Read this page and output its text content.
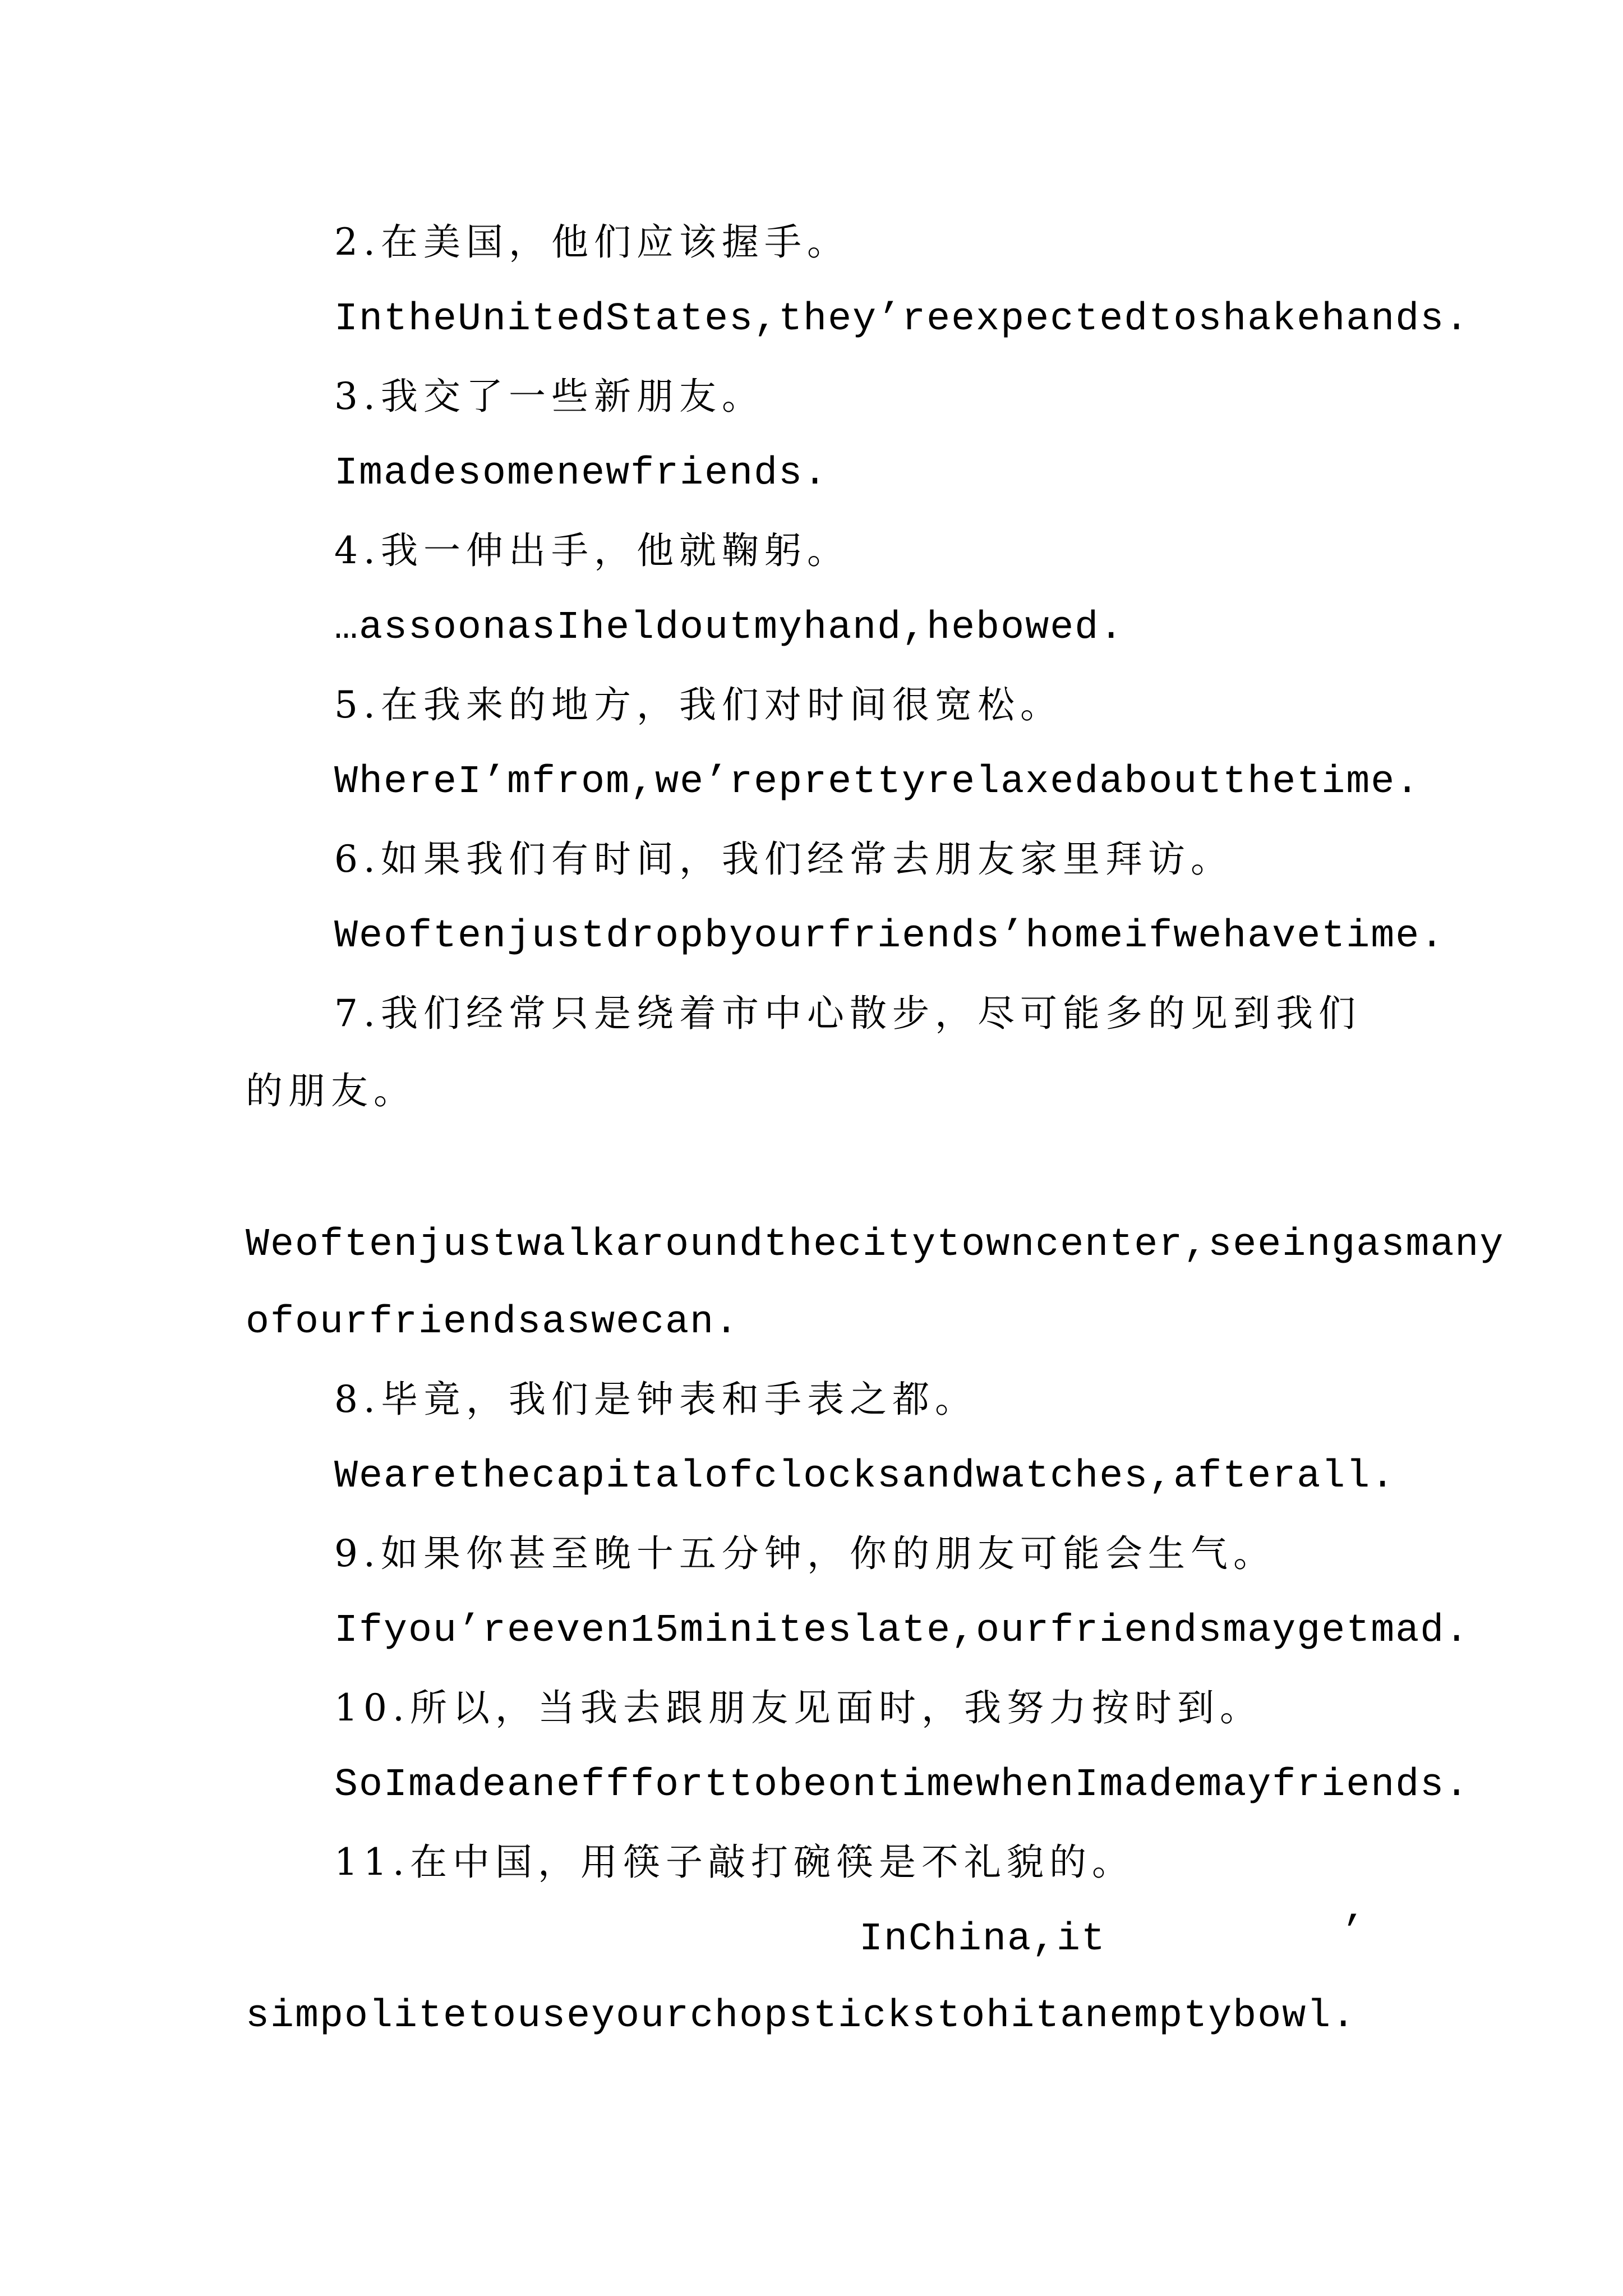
2.在美国，他们应该握手。
IntheUnitedStates,they’reexpectedtoshakehands.
3.我交了一些新朋友。
Imadesomenewfriends.
4.我一伸出手，他就鞠躬。
…assoonasIheldoutmyhand,hebowed.
5.在我来的地方，我们对时间很宽松。
WhereI’mfrom,we’reprettyrelaxedaboutthetime.
6.如果我们有时间，我们经常去朋友家里拜访。
Weoftenjustdropbyourfriends’homeifwehavetime.
7.我们经常只是绕着市中心散步，尽可能多的见到我们
的朋友。
Weoftenjustwalkaroundthecitytowncenter,seeingasmany
ofourfriendsaswecan.
8.毕竟，我们是钟表和手表之都。
Wearethecapitalofclocksandwatches,afterall.
9.如果你甚至晚十五分钟，你的朋友可能会生气。
Ifyou’reeven15miniteslate,ourfriendsmaygetmad.
10.所以，当我去跟朋友见面时，我努力按时到。
SoImadeaneffforttobeontimewhenImademayfriends.
11.在中国，用筷子敲打碗筷是不礼貌的。
InChina,it	’
simpolitetouseyourchopstickstohitanemptybowl.
